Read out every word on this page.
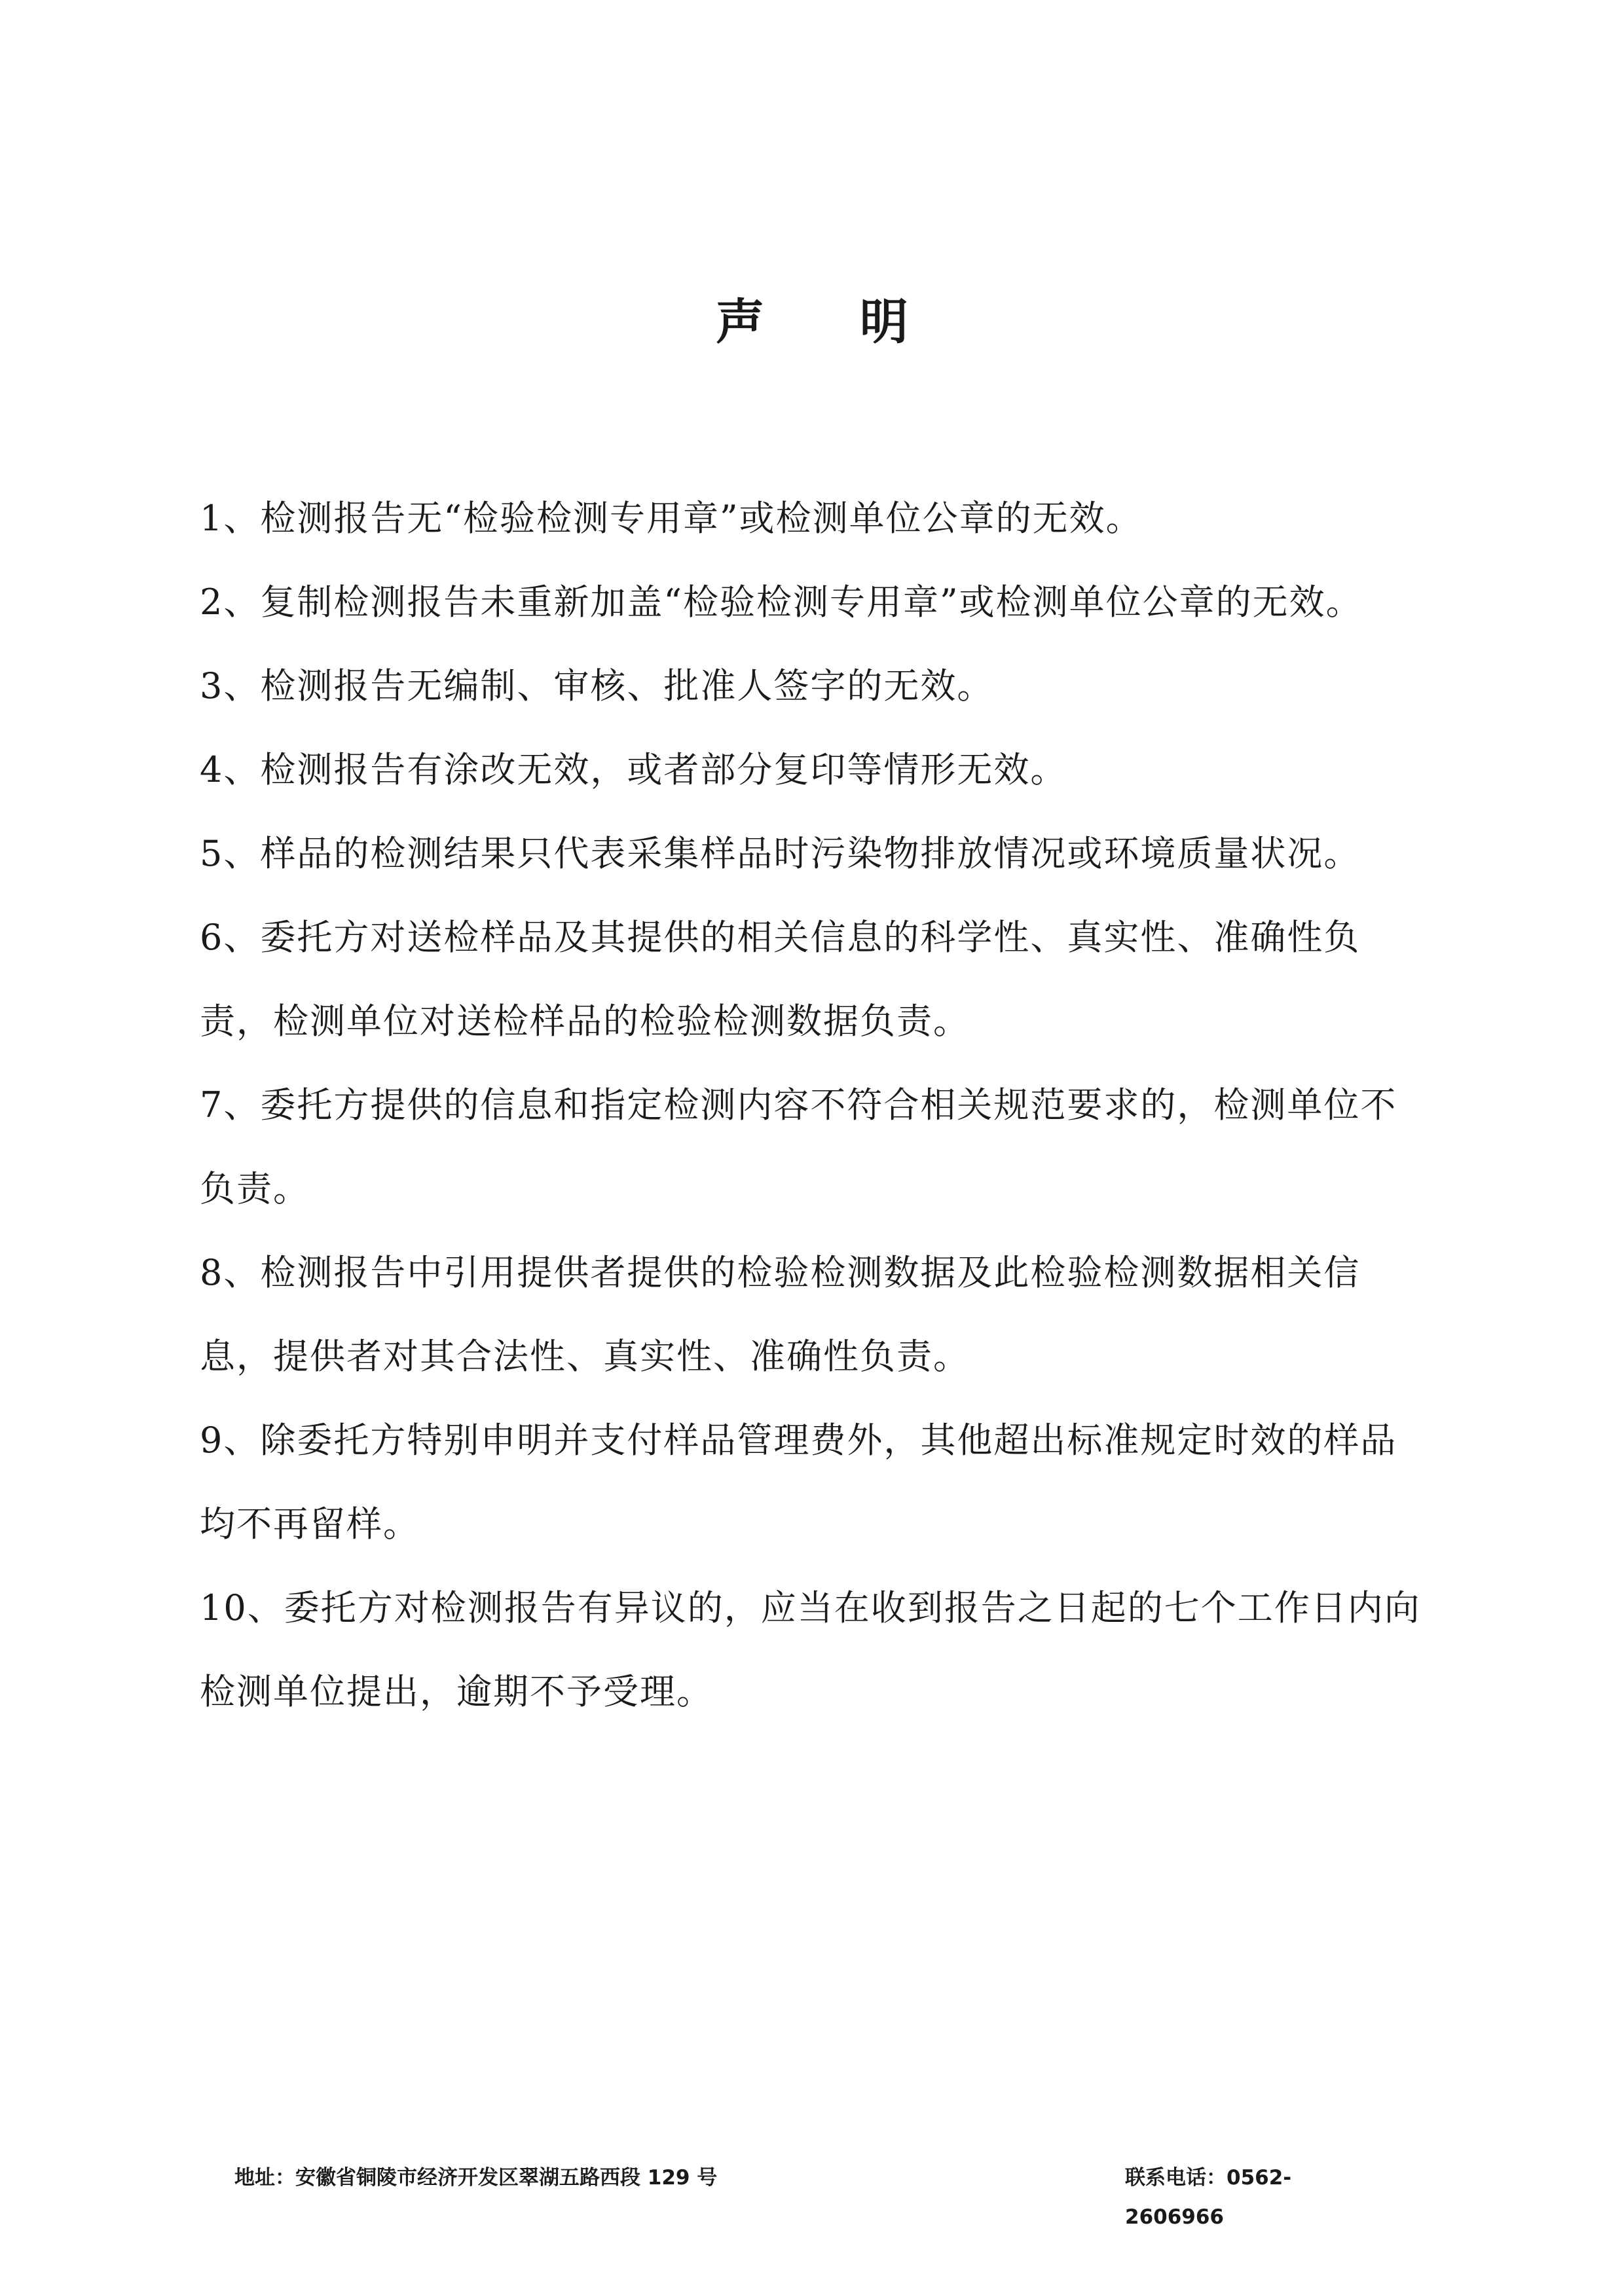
声 明
1、检测报告无“检验检测专用章”或检测单位公章的无效。
2、复制检测报告未重新加盖“检验检测专用章”或检测单位公章的无效。
3、检测报告无编制、审核、批准人签字的无效。
4、检测报告有涂改无效，或者部分复印等情形无效。
5、样品的检测结果只代表采集样品时污染物排放情况或环境质量状况。
6、委托方对送检样品及其提供的相关信息的科学性、真实性、准确性负责，检测单位对送检样品的检验检测数据负责。
7、委托方提供的信息和指定检测内容不符合相关规范要求的，检测单位不负责。
8、检测报告中引用提供者提供的检验检测数据及此检验检测数据相关信息，提供者对其合法性、真实性、准确性负责。
9、除委托方特别申明并支付样品管理费外，其他超出标准规定时效的样品均不再留样。
10、委托方对检测报告有异议的，应当在收到报告之日起的七个工作日内向检测单位提出，逾期不予受理。
地址：安徽省铜陵市经济开发区翠湖五路西段 129 号	联系电话：0562-2606966
